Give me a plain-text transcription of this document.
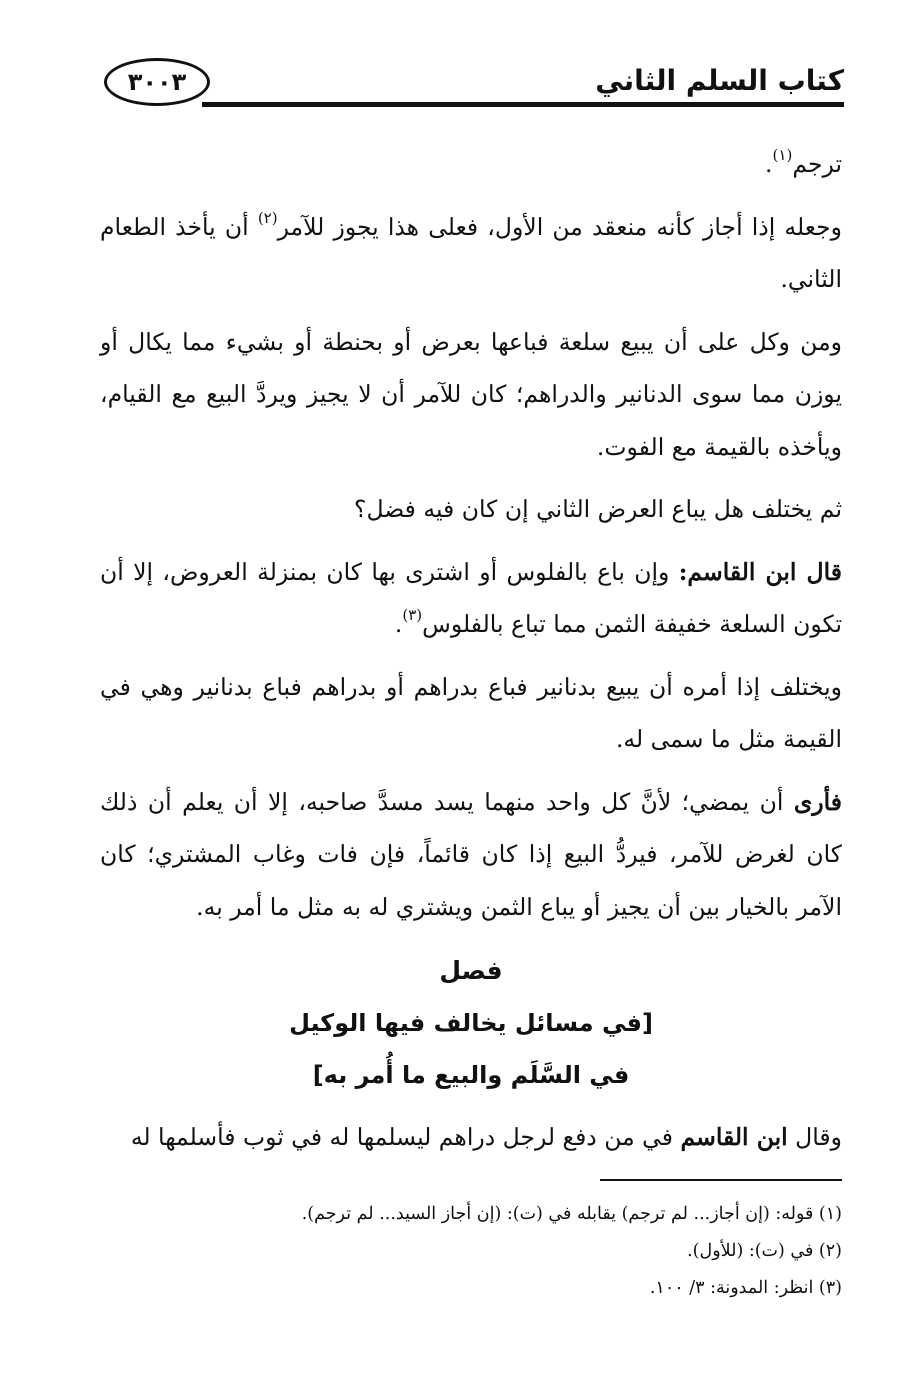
٣٠٠٣	كتاب السلم الثاني

ترجم$^{(١)}$.

وجعله إذا أجاز كأنه منعقد من الأول، فعلى هذا يجوز للآمر$^{(٢)}$ أن يأخذ الطعام الثاني.

ومن وكل على أن يبيع سلعة فباعها بعرض أو بحنطة أو بشيء مما يكال أو يوزن مما سوى الدنانير والدراهم؛ كان للآمر أن لا يجيز ويردَّ البيع مع القيام، ويأخذه بالقيمة مع الفوت.

ثم يختلف هل يباع العرض الثاني إن كان فيه فضل؟

قال ابن القاسم: وإن باع بالفلوس أو اشترى بها كان بمنزلة العروض، إلا أن تكون السلعة خفيفة الثمن مما تباع بالفلوس$^{(٣)}$.

ويختلف إذا أمره أن يبيع بدنانير فباع بدراهم أو بدراهم فباع بدنانير وهي في القيمة مثل ما سمى له.

فأرى أن يمضي؛ لأنَّ كل واحد منهما يسد مسدَّ صاحبه، إلا أن يعلم أن ذلك كان لغرض للآمر، فيردُّ البيع إذا كان قائماً، فإن فات وغاب المشتري؛ كان الآمر بالخيار بين أن يجيز أو يباع الثمن ويشتري له به مثل ما أمر به.

فصل
[في مسائل يخالف فيها الوكيل
في السَّلَم والبيع ما أُمر به]

وقال ابن القاسم في من دفع لرجل دراهم ليسلمها له في ثوب فأسلمها له

(١) قوله: (إن أجاز... لم ترجم) يقابله في (ت): (إن أجاز السيد... لم ترجم).
(٢) في (ت): (للأول).
(٣) انظر: المدونة: ٣/ ١٠٠.
